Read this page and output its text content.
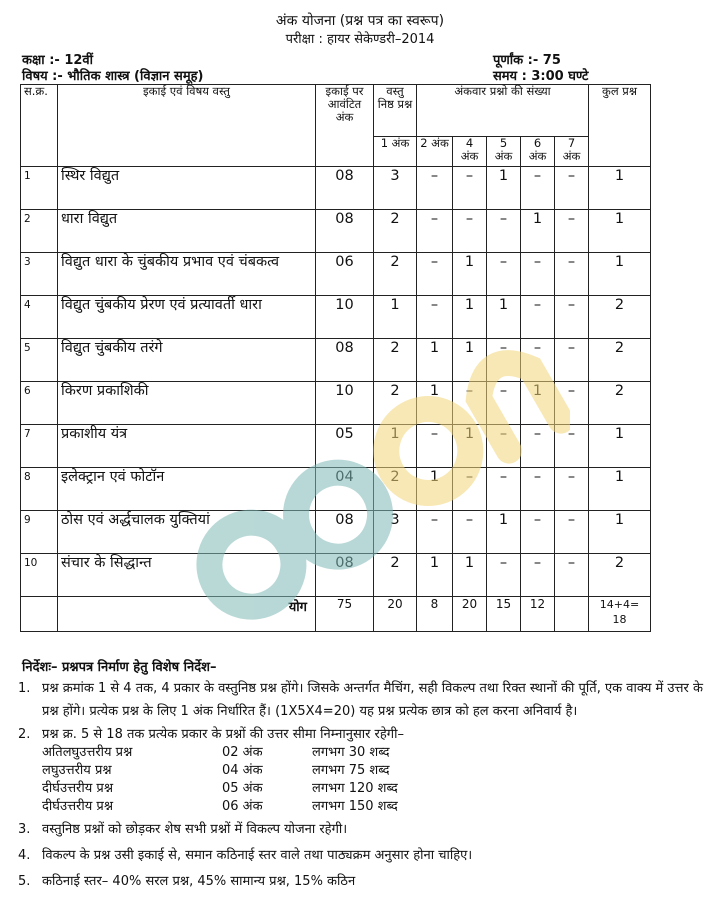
अंक योजना (प्रश्न पत्र का स्वरूप)
परीक्षा : हायर सेकेण्डरी–2014
कक्षा :- 12वीं	पूर्णांक :- 75
विषय :- भौतिक शास्त्र (विज्ञान समूह)	समय : 3:00 घण्टे
स.क्र.	इकाई एवं विषय वस्तु	इकाई पर आवंटित अंक	वस्तु निष्ठ प्रश्न	अंकवार प्रश्नो की संख्या					कुल प्रश्न
			1 अंक	2 अंक	4 अंक	5 अंक	6 अंक	7 अंक	
1	स्थिर विद्युत	08	3	–	–	1	–	–	1
2	धारा विद्युत	08	2	–	–	–	1	–	1
3	विद्युत धारा के चुंबकीय प्रभाव एवं चंबकत्व	06	2	–	1	–	–	–	1
4	विद्युत चुंबकीय प्रेरण एवं प्रत्यावर्ती धारा	10	1	–	1	1	–	–	2
5	विद्युत चुंबकीय तरंगे	08	2	1	1	–	–	–	2
6	किरण प्रकाशिकी	10	2	1	–	–	1	–	2
7	प्रकाशीय यंत्र	05	1	–	1	–	–	–	1
8	इलेक्ट्रान एवं फोटॉन	04	2	1	–	–	–	–	1
9	ठोस एवं अर्द्धचालक युक्तियां	08	3	–	–	1	–	–	1
10	संचार के सिद्धान्त	08	2	1	1	–	–	–	2
	योग	75	20	8	20	15	12		14+4= 18
निर्देशः– प्रश्नपत्र निर्माण हेतु विशेष निर्देश–
1. प्रश्न क्रमांक 1 से 4 तक, 4 प्रकार के वस्तुनिष्ठ प्रश्न होंगे। जिसके अन्तर्गत मैचिंग, सही विकल्प तथा रिक्त स्थानों की पूर्ति, एक वाक्य में उत्तर के प्रश्न होंगे। प्रत्येक प्रश्न के लिए 1 अंक निर्धारित हैं। (1X5X4=20) यह प्रश्न प्रत्येक छात्र को हल करना अनिवार्य है।
2. प्रश्न क्र. 5 से 18 तक प्रत्येक प्रकार के प्रश्नों की उत्तर सीमा निम्नानुसार रहेगी–
अतिलघुउत्तरीय प्रश्न	02 अंक	लगभग 30 शब्द
लघुउत्तरीय प्रश्न	04 अंक	लगभग 75 शब्द
दीर्घउत्तरीय प्रश्न	05 अंक	लगभग 120 शब्द
दीर्घउत्तरीय प्रश्न	06 अंक	लगभग 150 शब्द
3. वस्तुनिष्ठ प्रश्नों को छोड़कर शेष सभी प्रश्नों में विकल्प योजना रहेगी।
4. विकल्प के प्रश्न उसी इकाई से, समान कठिनाई स्तर वाले तथा पाठ्यक्रम अनुसार होना चाहिए।
5. कठिनाई स्तर– 40% सरल प्रश्न, 45% सामान्य प्रश्न, 15% कठिन
